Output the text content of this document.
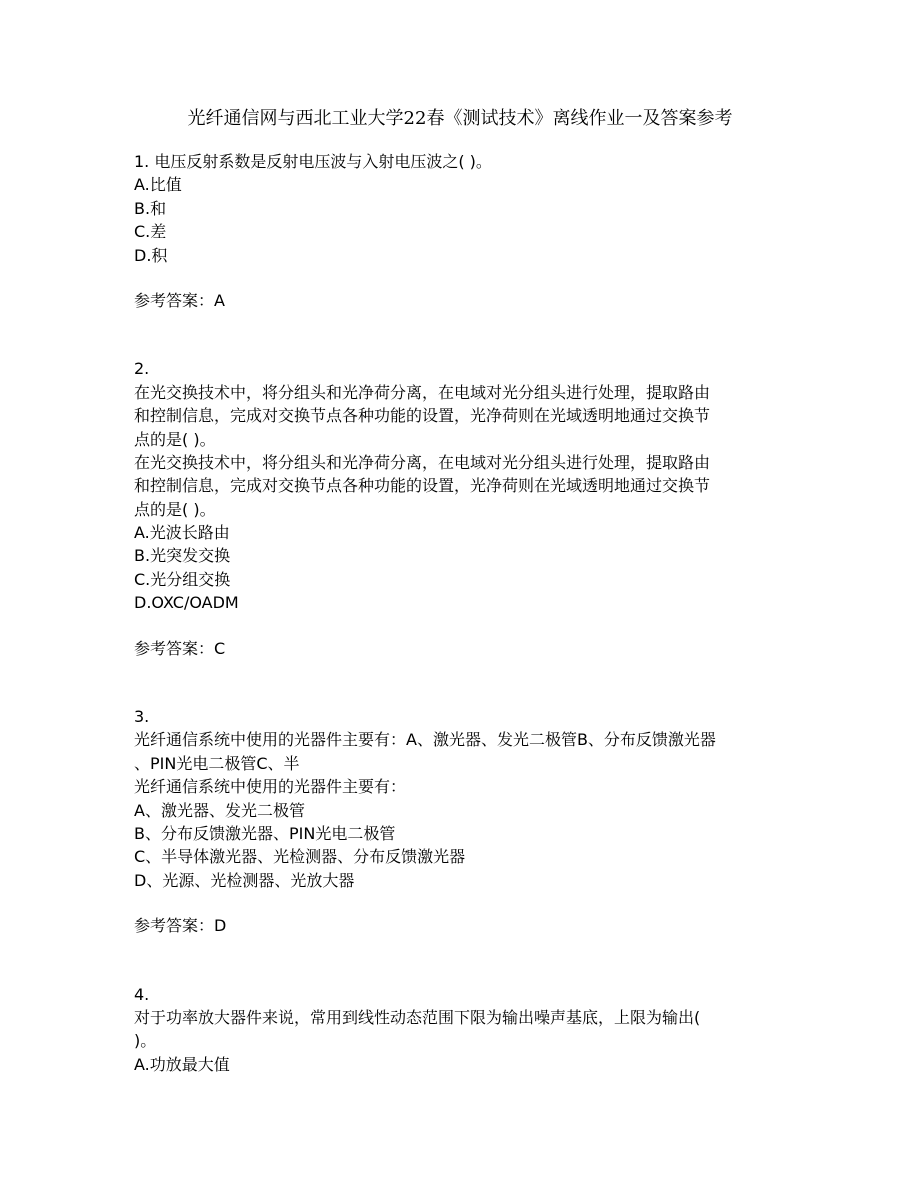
光纤通信网与西北工业大学22春《测试技术》离线作业一及答案参考
1. 电压反射系数是反射电压波与入射电压波之( )。
A.比值
B.和
C.差
D.积
参考答案：A
2.
在光交换技术中，将分组头和光净荷分离，在电域对光分组头进行处理，提取路由
和控制信息，完成对交换节点各种功能的设置，光净荷则在光域透明地通过交换节
点的是( )。
在光交换技术中，将分组头和光净荷分离，在电域对光分组头进行处理，提取路由
和控制信息，完成对交换节点各种功能的设置，光净荷则在光域透明地通过交换节
点的是( )。
A.光波长路由
B.光突发交换
C.光分组交换
D.OXC/OADM
参考答案：C
3.
光纤通信系统中使用的光器件主要有：A、激光器、发光二极管B、分布反馈激光器
、PIN光电二极管C、半
光纤通信系统中使用的光器件主要有：
A、激光器、发光二极管
B、分布反馈激光器、PIN光电二极管
C、半导体激光器、光检测器、分布反馈激光器
D、光源、光检测器、光放大器
参考答案：D
4.
对于功率放大器件来说，常用到线性动态范围下限为输出噪声基底，上限为输出(
)。
A.功放最大值
